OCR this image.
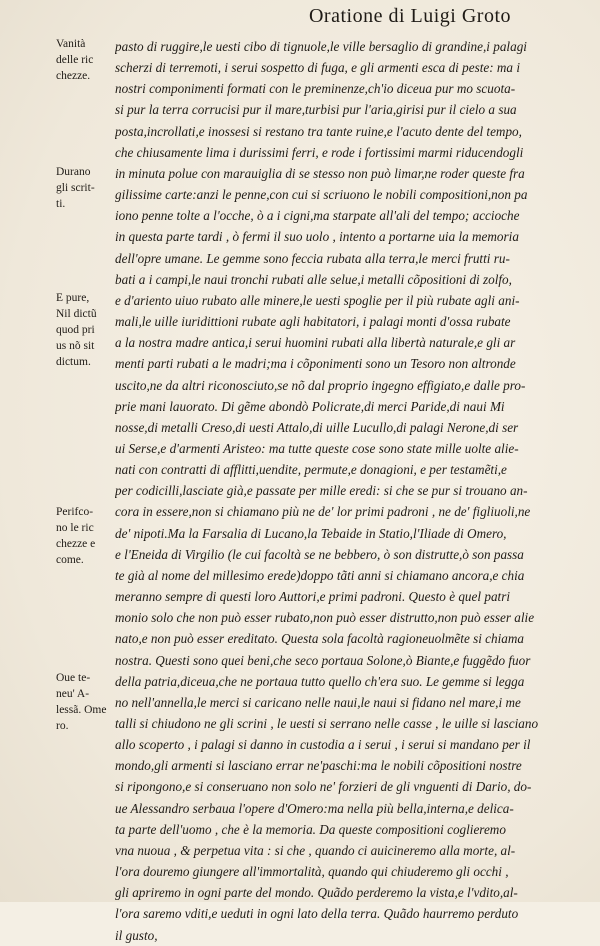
Oratione di Luigi Groto
Vanità
delle ric
chezze.
Durano
gli scrit-
ti.
E pure,
Nil dictũ
quod pri
us nõ sit
dictum.
Perifco-
no le ric
chezze e
come.
Oue te-
neu' A-
lessã. Ome
ro.
pasto di ruggire,le uesti cibo di tignuole,le ville bersaglio di grandine,i palagi
scherzi di terremoti, i serui sospetto di fuga, e gli armenti esca di peste: ma i
nostri componimenti formati con le preminenze,ch'io diceua pur mo scuota-
si pur la terra corrucisi pur il mare,turbisi pur l'aria,girisi pur il cielo a sua
posta,incrollati,e inossesi si restano tra tante ruine,e l'acuto dente del tempo,
che chiusamente lima i durissimi ferri, e rode i fortissimi marmi riducendogli
in minuta polue con marauiglia di se stesso non può limar,ne roder queste fra
gilissime carte:anzi le penne,con cui si scriuono le nobili compositioni,non pa
iono penne tolte a l'ocche, ò a i cigni,ma starpate all'ali del tempo; accioche
in questa parte tardi , ò fermi il suo uolo , intento a portarne uia la memoria
dell'opre umane. Le gemme sono feccia rubata alla terra,le merci frutti ru-
bati a i campi,le naui tronchi rubati alle selue,i metalli cõpositioni di zolfo,
e d'ariento uiuo rubato alle minere,le uesti spoglie per il più rubate agli ani-
mali,le uille iuridittioni rubate agli habitatori, i palagi monti d'ossa rubate
a la nostra madre antica,i serui huomini rubati alla libertà naturale,e gli ar
menti parti rubati a le madri;ma i cõponimenti sono un Tesoro non altronde
uscito,ne da altri riconosciuto,se nõ dal proprio ingegno effigiato,e dalle pro-
prie mani lauorato. Di gẽme abondò Policrate,di merci Paride,di naui Mi
nosse,di metalli Creso,di uesti Attalo,di uille Lucullo,di palagi Nerone,di ser
ui Serse,e d'armenti Aristeo: ma tutte queste cose sono state mille uolte alie-
nati con contratti di afflitti,uendite, permute,e donagioni, e per testamẽti,e
per codicilli,lasciate già,e passate per mille eredi: si che se pur si trouano an-
cora in essere,non si chiamano più ne de' lor primi padroni , ne de' figliuoli,ne
de' nipoti.Ma la Farsalia di Lucano,la Tebaide in Statio,l'Iliade di Omero,
e l'Eneida di Virgilio (le cui facoltà se ne bebbero, ò son distrutte,ò son passa
te già al nome del millesimo erede)doppo tãti anni si chiamano ancora,e chia
meranno sempre di questi loro Auttori,e primi padroni. Questo è quel patri
monio solo che non può esser rubato,non può esser distrutto,non può esser alie
nato,e non può esser ereditato. Questa sola facoltà ragioneuolmẽte si chiama
nostra. Questi sono quei beni,che seco portaua Solone,ò Biante,e fuggẽdo fuor
della patria,diceua,che ne portaua tutto quello ch'era suo. Le gemme si legga
no nell'annella,le merci si caricano nelle naui,le naui si fidano nel mare,i me
talli si chiudono ne gli scrini , le uesti si serrano nelle casse , le uille si lasciano
allo scoperto , i palagi si danno in custodia a i serui , i serui si mandano per il
mondo,gli armenti si lasciano errar ne'paschi:ma le nobili cõpositioni nostre
si ripongono,e si conseruano non solo ne' forzieri de gli vnguenti di Dario, do-
ue Alessandro serbaua l'opere d'Omero:ma nella più bella,interna,e delica-
ta parte dell'uomo , che è la memoria. Da queste compositioni coglieremo
vna nuoua , & perpetua vita : si che , quando ci auicineremo alla morte, al-
l'ora douremo giungere all'immortalità, quando qui chiuderemo gli occhi ,
gli apriremo in ogni parte del mondo. Quãdo perderemo la vista,e l'vdito,al-
l'ora saremo vditi,e ueduti in ogni lato della terra. Quãdo haurremo perduto
il gusto,
